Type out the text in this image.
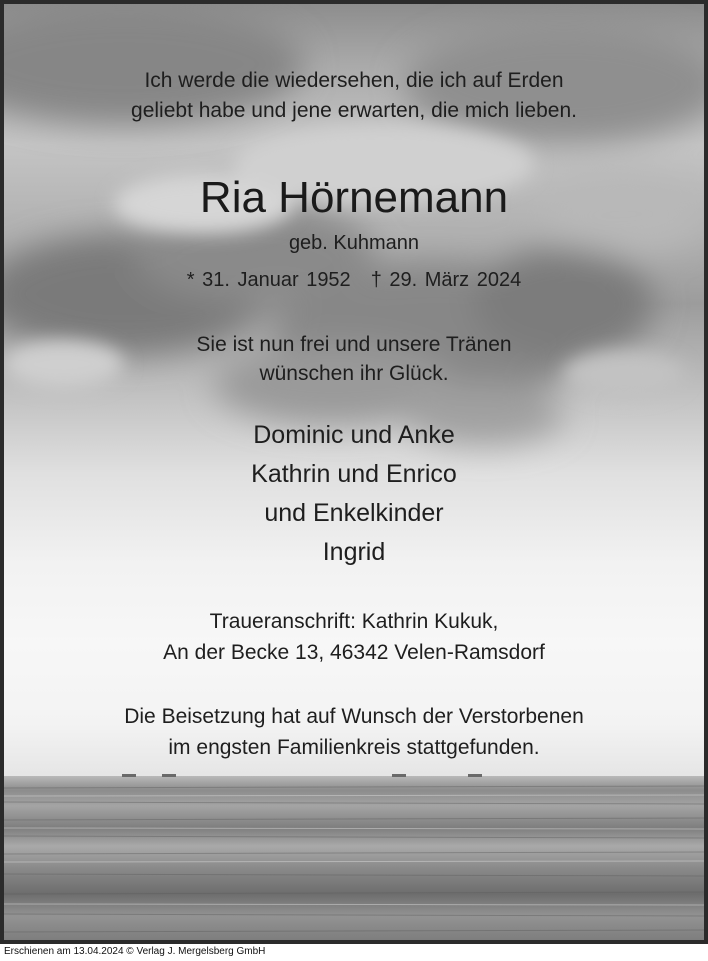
Ich werde die wiedersehen, die ich auf Erden
geliebt habe und jene erwarten, die mich lieben.
Ria Hörnemann
geb. Kuhmann
* 31. Januar 1952 † 29. März 2024
Sie ist nun frei und unsere Tränen
wünschen ihr Glück.
Dominic und Anke
Kathrin und Enrico
und Enkelkinder
Ingrid
Traueranschrift: Kathrin Kukuk,
An der Becke 13, 46342 Velen-Ramsdorf
Die Beisetzung hat auf Wunsch der Verstorbenen
im engsten Familienkreis stattgefunden.
Erschienen am 13.04.2024 © Verlag J. Mergelsberg GmbH
